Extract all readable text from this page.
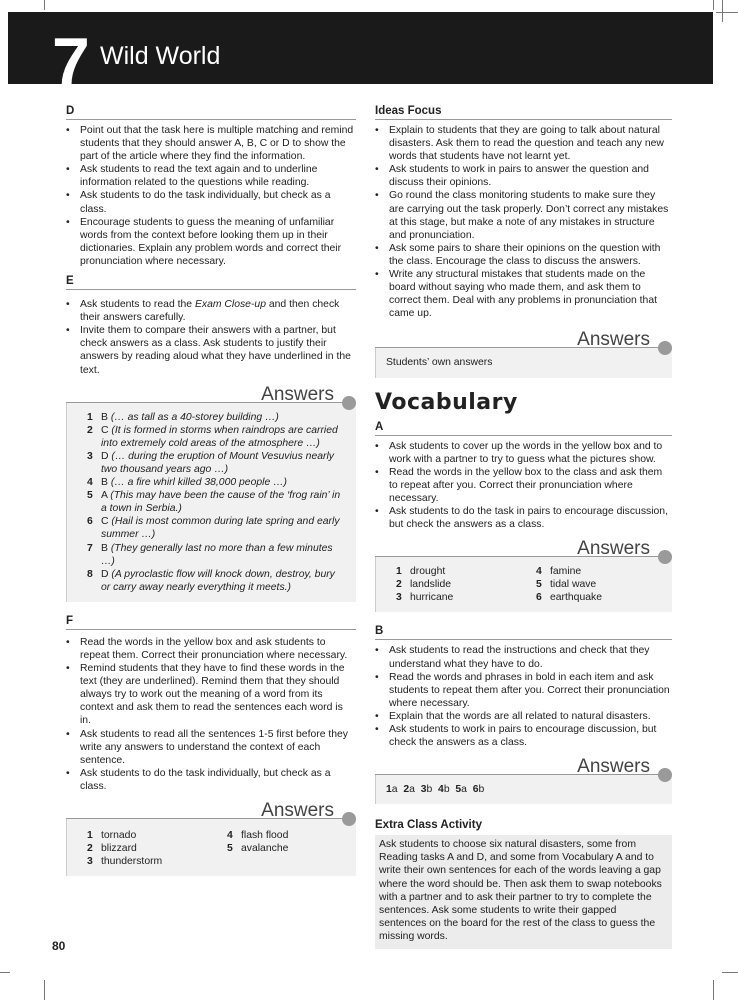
7 Wild World
D
• Point out that the task here is multiple matching and remind students that they should answer A, B, C or D to show the part of the article where they find the information.
• Ask students to read the text again and to underline information related to the questions while reading.
• Ask students to do the task individually, but check as a class.
• Encourage students to guess the meaning of unfamiliar words from the context before looking them up in their dictionaries. Explain any problem words and correct their pronunciation where necessary.
E
• Ask students to read the Exam Close-up and then check their answers carefully.
• Invite them to compare their answers with a partner, but check answers as a class. Ask students to justify their answers by reading aloud what they have underlined in the text.
Answers
1 B (… as tall as a 40-storey building …)
2 C (It is formed in storms when raindrops are carried into extremely cold areas of the atmosphere …)
3 D (… during the eruption of Mount Vesuvius nearly two thousand years ago …)
4 B (… a fire whirl killed 38,000 people …)
5 A (This may have been the cause of the ‘frog rain’ in a town in Serbia.)
6 C (Hail is most common during late spring and early summer …)
7 B (They generally last no more than a few minutes …)
8 D (A pyroclastic flow will knock down, destroy, bury or carry away nearly everything it meets.)
F
• Read the words in the yellow box and ask students to repeat them. Correct their pronunciation where necessary.
• Remind students that they have to find these words in the text (they are underlined). Remind them that they should always try to work out the meaning of a word from its context and ask them to read the sentences each word is in.
• Ask students to read all the sentences 1-5 first before they write any answers to understand the context of each sentence.
• Ask students to do the task individually, but check as a class.
Answers
1 tornado	4 flash flood
2 blizzard	5 avalanche
3 thunderstorm
Ideas Focus
• Explain to students that they are going to talk about natural disasters. Ask them to read the question and teach any new words that students have not learnt yet.
• Ask students to work in pairs to answer the question and discuss their opinions.
• Go round the class monitoring students to make sure they are carrying out the task properly. Don’t correct any mistakes at this stage, but make a note of any mistakes in structure and pronunciation.
• Ask some pairs to share their opinions on the question with the class. Encourage the class to discuss the answers.
• Write any structural mistakes that students made on the board without saying who made them, and ask them to correct them. Deal with any problems in pronunciation that came up.
Answers
Students’ own answers
Vocabulary
A
• Ask students to cover up the words in the yellow box and to work with a partner to try to guess what the pictures show.
• Read the words in the yellow box to the class and ask them to repeat after you. Correct their pronunciation where necessary.
• Ask students to do the task in pairs to encourage discussion, but check the answers as a class.
Answers
1 drought	4 famine
2 landslide	5 tidal wave
3 hurricane	6 earthquake
B
• Ask students to read the instructions and check that they understand what they have to do.
• Read the words and phrases in bold in each item and ask students to repeat them after you. Correct their pronunciation where necessary.
• Explain that the words are all related to natural disasters.
• Ask students to work in pairs to encourage discussion, but check the answers as a class.
Answers
1a 2a 3b 4b 5a 6b
Extra Class Activity

Ask students to choose six natural disasters, some from Reading tasks A and D, and some from Vocabulary A and to write their own sentences for each of the words leaving a gap where the word should be. Then ask them to swap notebooks with a partner and to ask their partner to try to complete the sentences. Ask some students to write their gapped sentences on the board for the rest of the class to guess the missing words.

80
